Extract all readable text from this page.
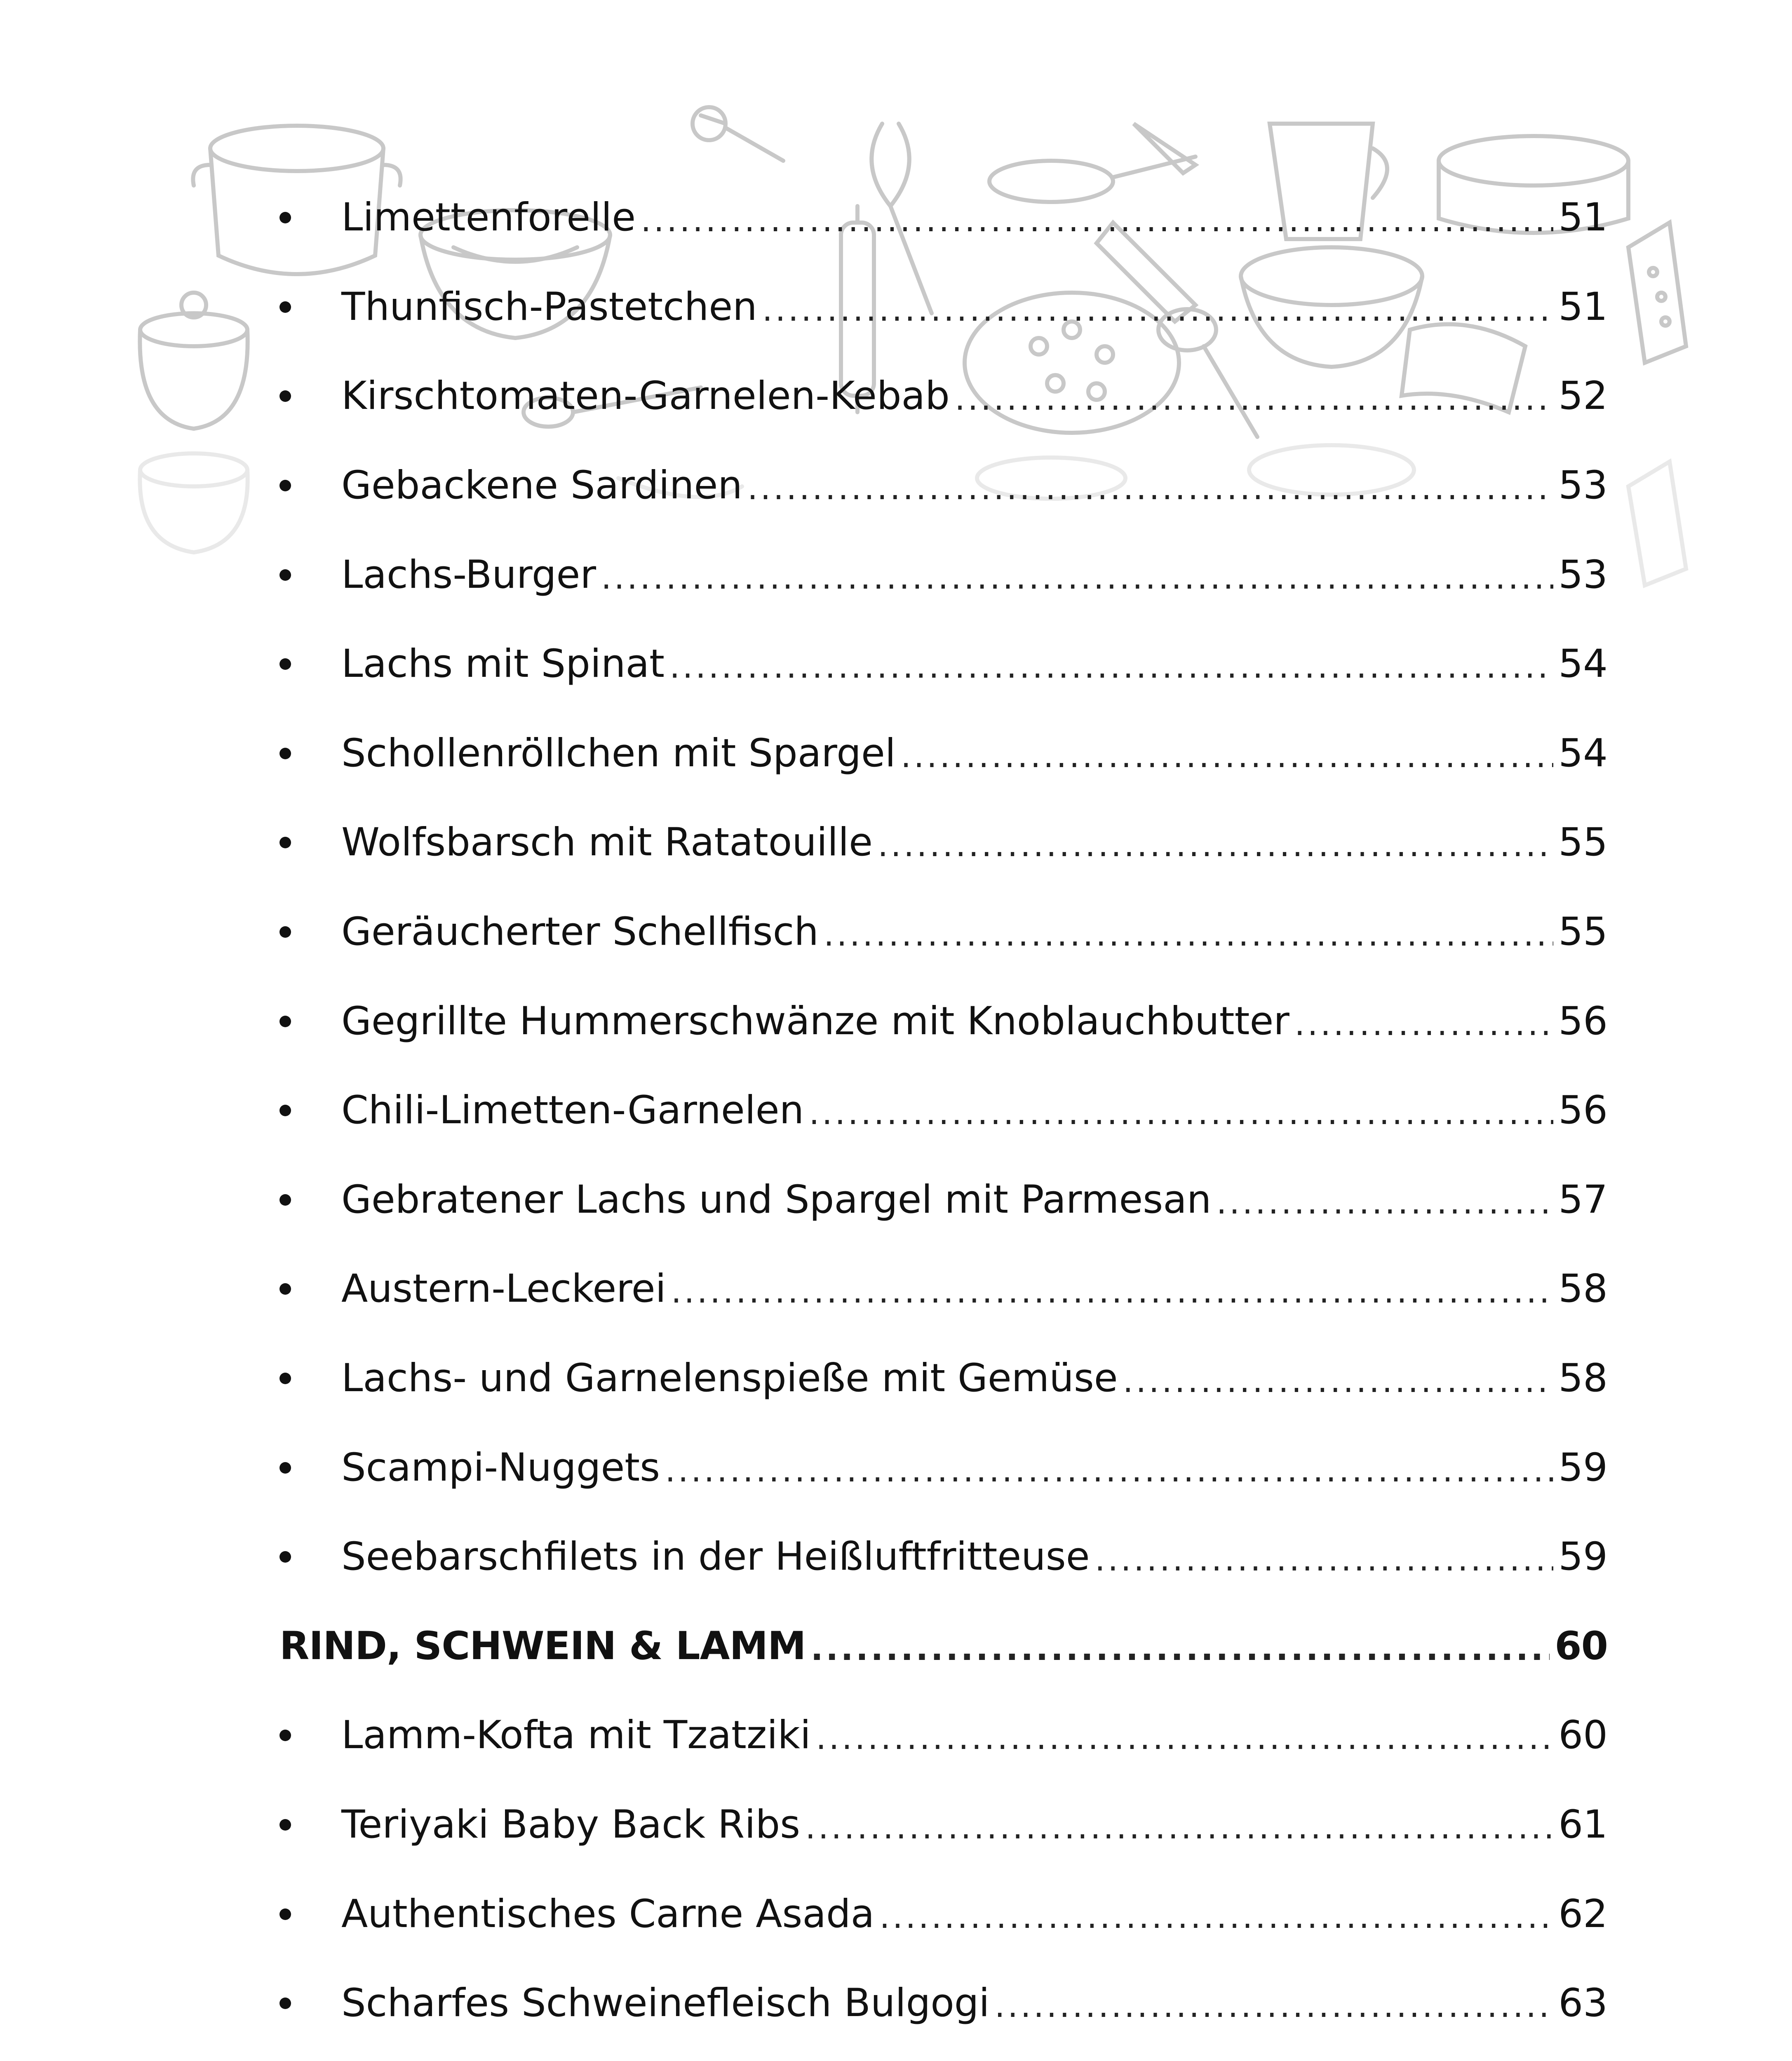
Limettenforelle .....	51
Thunfisch-Pastetchen .....	51
Kirschtomaten-Garnelen-Kebab .....	52
Gebackene Sardinen .....	53
Lachs-Burger .....	53
Lachs mit Spinat .....	54
Schollenröllchen mit Spargel .....	54
Wolfsbarsch mit Ratatouille .....	55
Geräucherter Schellfisch .....	55
Gegrillte Hummerschwänze mit Knoblauchbutter .....	56
Chili-Limetten-Garnelen .....	56
Gebratener Lachs und Spargel mit Parmesan .....	57
Austern-Leckerei .....	58
Lachs- und Garnelenspieße mit Gemüse .....	58
Scampi-Nuggets .....	59
Seebarschfilets in der Heißluftfritteuse .....	59
RIND, SCHWEIN & LAMM .....	60
Lamm-Kofta mit Tzatziki .....	60
Teriyaki Baby Back Ribs .....	61
Authentisches Carne Asada .....	62
Scharfes Schweinefleisch Bulgogi .....	63
